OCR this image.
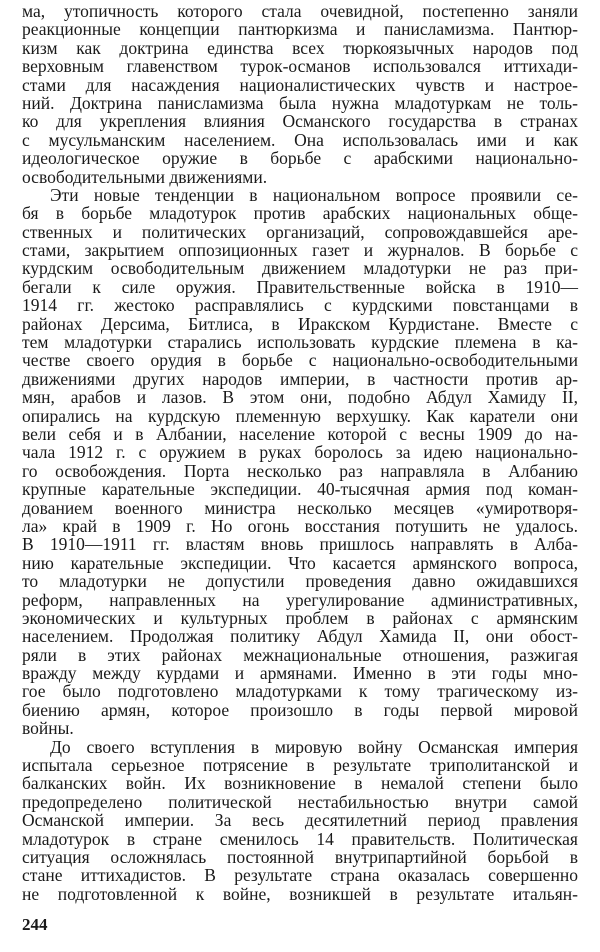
ма, утопичность которого стала очевидной, постепенно заняли
реакционные концепции пантюркизма и панисламизма. Пантюр-
кизм как доктрина единства всех тюркоязычных народов под
верховным главенством турок-османов использовался иттихади-
стами для насаждения националистических чувств и настрое-
ний. Доктрина панисламизма была нужна младотуркам не толь-
ко для укрепления влияния Османского государства в странах
с мусульманским населением. Она использовалась ими и как
идеологическое оружие в борьбе с арабскими национально-
освободительными движениями.
Эти новые тенденции в национальном вопросе проявили се-
бя в борьбе младотурок против арабских национальных обще-
ственных и политических организаций, сопровождавшейся аре-
стами, закрытием оппозиционных газет и журналов. В борьбе с
курдским освободительным движением младотурки не раз при-
бегали к силе оружия. Правительственные войска в 1910—
1914 гг. жестоко расправлялись с курдскими повстанцами в
районах Дерсима, Битлиса, в Иракском Курдистане. Вместе с
тем младотурки старались использовать курдские племена в ка-
честве своего орудия в борьбе с национально-освободительными
движениями других народов империи, в частности против ар-
мян, арабов и лазов. В этом они, подобно Абдул Хамиду II,
опирались на курдскую племенную верхушку. Как каратели они
вели себя и в Албании, население которой с весны 1909 до на-
чала 1912 г. с оружием в руках боролось за идею национально-
го освобождения. Порта несколько раз направляла в Албанию
крупные карательные экспедиции. 40-тысячная армия под коман-
дованием военного министра несколько месяцев «умиротворя-
ла» край в 1909 г. Но огонь восстания потушить не удалось.
В 1910—1911 гг. властям вновь пришлось направлять в Алба-
нию карательные экспедиции. Что касается армянского вопроса,
то младотурки не допустили проведения давно ожидавшихся
реформ, направленных на урегулирование административных,
экономических и культурных проблем в районах с армянским
населением. Продолжая политику Абдул Хамида II, они обост-
ряли в этих районах межнациональные отношения, разжигая
вражду между курдами и армянами. Именно в эти годы мно-
гое было подготовлено младотурками к тому трагическому из-
биению армян, которое произошло в годы первой мировой
войны.
До своего вступления в мировую войну Османская империя
испытала серьезное потрясение в результате триполитанской и
балканских войн. Их возникновение в немалой степени было
предопределено политической нестабильностью внутри самой
Османской империи. За весь десятилетний период правления
младотурок в стране сменилось 14 правительств. Политическая
ситуация осложнялась постоянной внутрипартийной борьбой в
стане иттихадистов. В результате страна оказалась совершенно
не подготовленной к войне, возникшей в результате итальян-
244
